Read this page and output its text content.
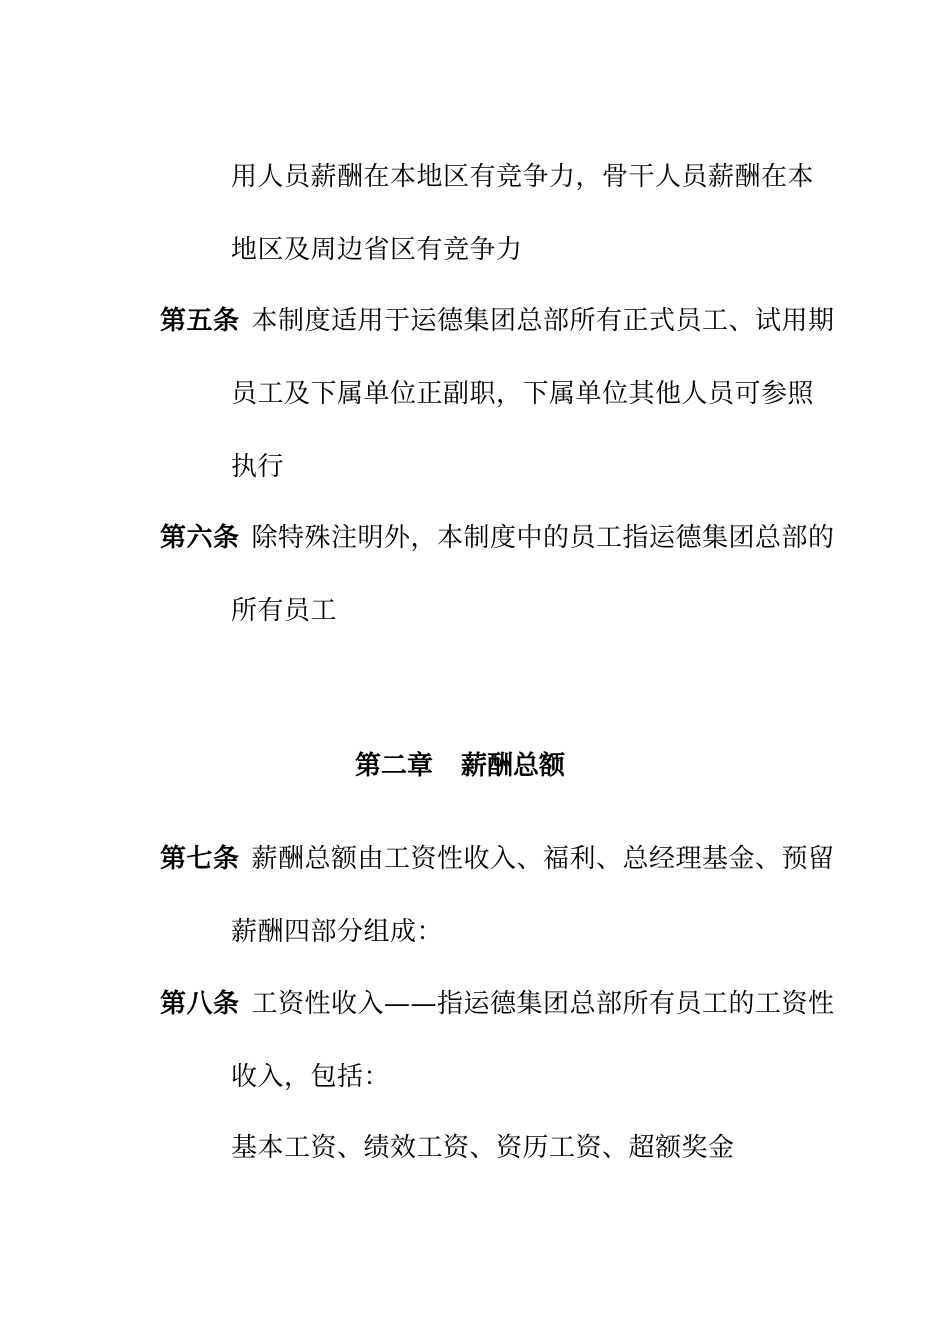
用人员薪酬在本地区有竞争力，骨干人员薪酬在本
地区及周边省区有竞争力
第五条 本制度适用于运德集团总部所有正式员工、试用期
员工及下属单位正副职，下属单位其他人员可参照
执行
第六条 除特殊注明外，本制度中的员工指运德集团总部的
所有员工
第二章 薪酬总额
第七条 薪酬总额由工资性收入、福利、总经理基金、预留
薪酬四部分组成：
第八条 工资性收入——指运德集团总部所有员工的工资性
收入，包括：
基本工资、绩效工资、资历工资、超额奖金
